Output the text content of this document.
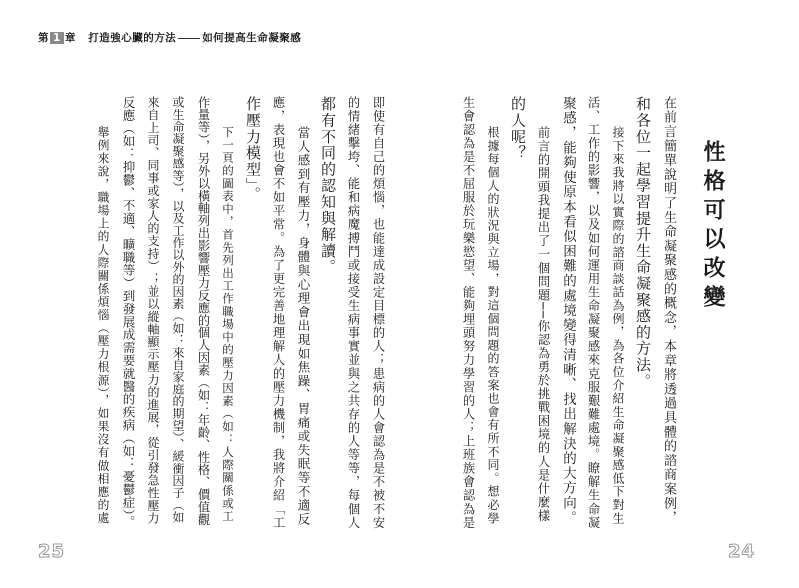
第 1 章 打造強心臟的方法 如何提高生命凝聚感
性格可以改變
在前言簡單說明了生命凝聚感的概念，本章將透過具體的諮商案例，
和各位一起學習提升生命凝聚感的方法。
接下來我將以實際的諮商談話為例，為各位介紹生命凝聚感低下對生
活、工作的影響，以及如何運用生命凝聚感來克服艱難處境。瞭解生命凝
聚感，能夠使原本看似困難的處境變得清晰、找出解決的大方向。
前言的開頭我提出了一個問題──你認為勇於挑戰困境的人是什麼樣
的人呢？
根據每個人的狀況與立場，對這個問題的答案也會有所不同。想必學
生會認為是不屈服於玩樂慾望、能夠埋頭努力學習的人；上班族會認為是
24
即使有自己的煩惱，也能達成設定目標的人；患病的人會認為是不被不安
的情緒擊垮、能和病魔搏鬥或接受生病事實並與之共存的人等等，每個人
都有不同的認知與解讀。
當人感到有壓力，身體與心理會出現如焦躁、胃痛或失眠等不適反
應，表現也會不如平常。為了更完善地理解人的壓力機制，我將介紹「工
作壓力模型」。
下一頁的圖表中，首先列出工作職場中的壓力因素（如：人際關係或工
作量等），另外以橫軸列出影響壓力反應的個人因素（如：年齡、性格、價值觀
或生命凝聚感等），以及工作以外的因素（如：來自家庭的期望）、緩衝因子（如
來自上司、同事或家人的支持）；並以縱軸顯示壓力的進展，從引發急性壓力
反應（如：抑鬱、不適、曠職等）到發展成需要就醫的疾病（如：憂鬱症）。
舉例來說，職場上的人際關係煩惱（壓力根源），如果沒有做相應的處
25
